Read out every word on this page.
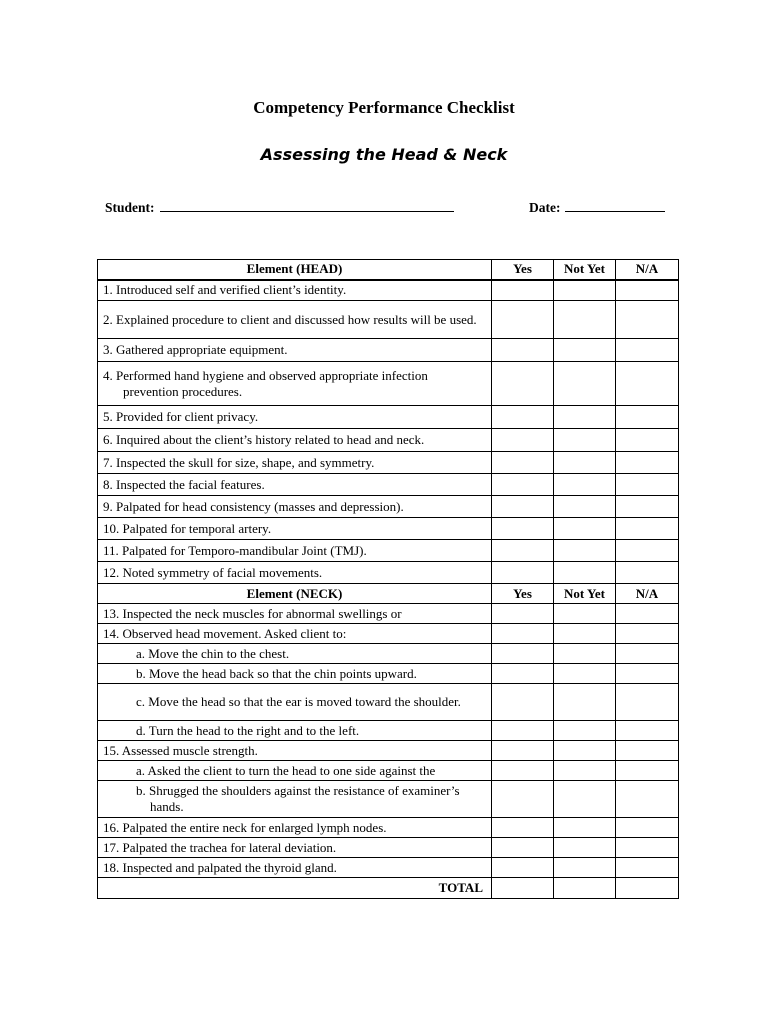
Competency Performance Checklist
Assessing the Head & Neck
Student:	Date:
Element (HEAD)	Yes	Not Yet	N/A
1. Introduced self and verified client’s identity.			

2. Explained procedure to client and discussed how results will be used.			

3. Gathered appropriate equipment.			

4. Performed hand hygiene and observed appropriate infection prevention procedures.			

5. Provided for client privacy.			
6. Inquired about the client’s history related to head and neck.			
7. Inspected the skull for size, shape, and symmetry.			
8. Inspected the facial features.			
9. Palpated for head consistency (masses and depression).			
10. Palpated for temporal artery.			
11. Palpated for Temporo-mandibular Joint (TMJ).			
12. Noted symmetry of facial movements.			
Element (NECK)	Yes	Not Yet	N/A
13. Inspected the neck muscles for abnormal swellings or			
14. Observed head movement. Asked client to:			

a. Move the chin to the chest.			

b. Move the head back so that the chin points upward.			

c. Move the head so that the ear is moved toward the shoulder.			

d. Turn the head to the right and to the left.			

15. Assessed muscle strength.			

a. Asked the client to turn the head to one side against the			

b. Shrugged the shoulders against the resistance of examiner’s hands.			

16. Palpated the entire neck for enlarged lymph nodes.			
17. Palpated the trachea for lateral deviation.			
18. Inspected and palpated the thyroid gland.			
TOTAL			
